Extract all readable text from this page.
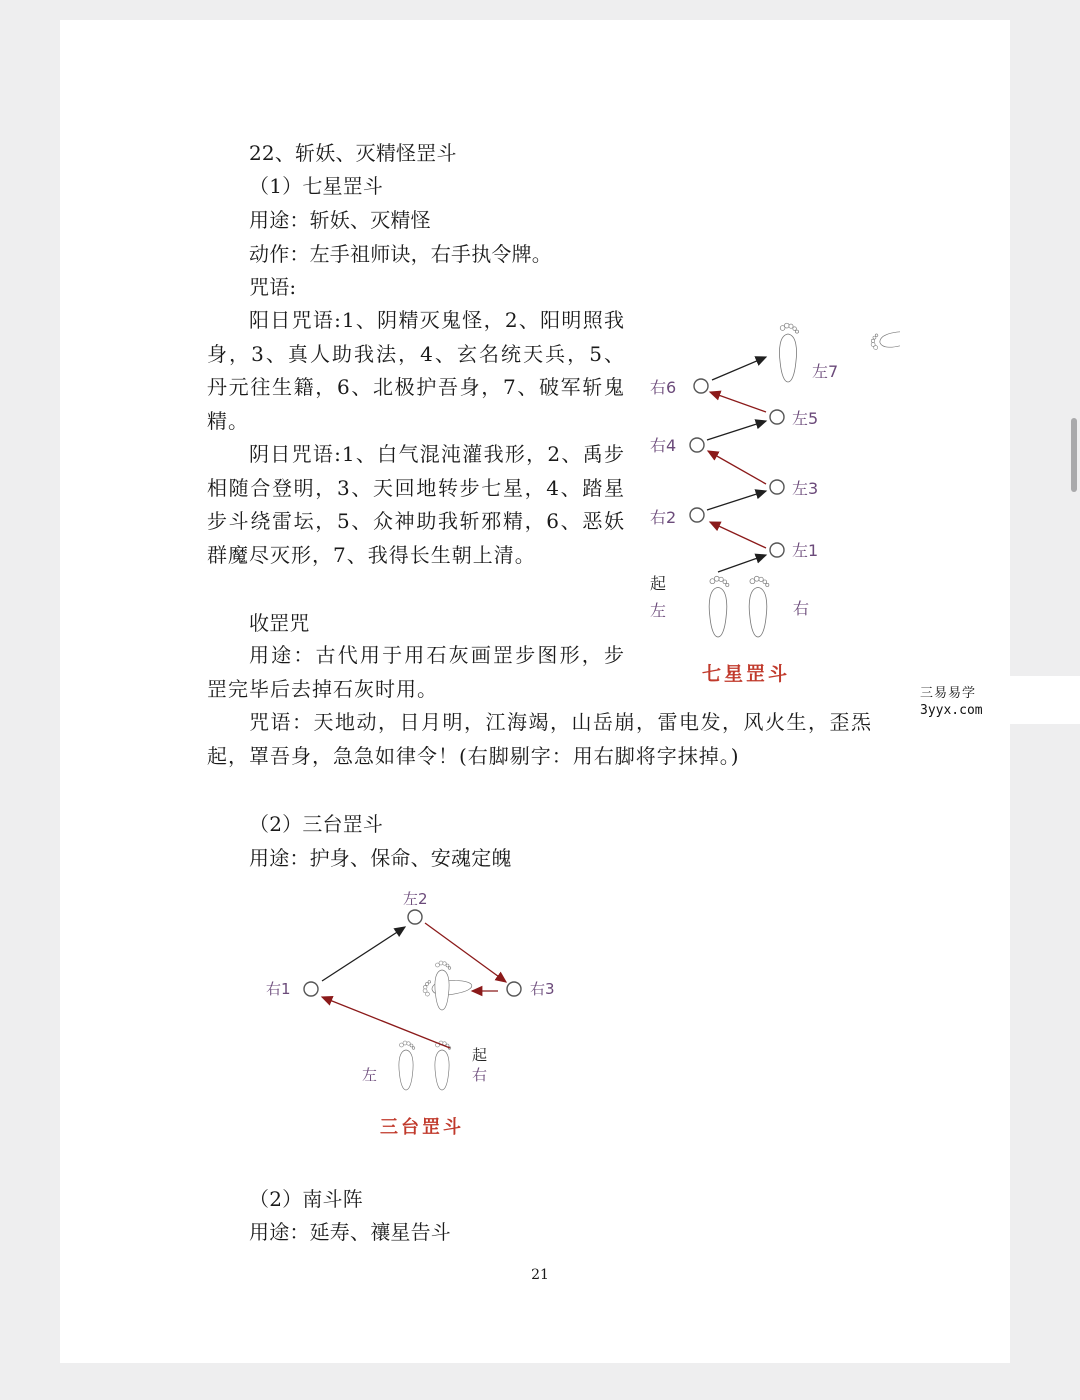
22、斩妖、灭精怪罡斗
（1）七星罡斗
用途：斩妖、灭精怪
动作：左手祖师诀，右手执令牌。
咒语:

阳日咒语:1、阴精灭鬼怪，2、阳明照我身，3、真人助我法，4、玄名统天兵，5、丹元往生籍，6、北极护吾身，7、破军斩鬼精。

阴日咒语:1、白气混沌灌我形，2、禹步相随合登明，3、天回地转步七星，4、踏星步斗绕雷坛，5、众神助我斩邪精，6、恶妖群魔尽灭形，7、我得长生朝上清。

收罡咒

用途：古代用于用石灰画罡步图形，步罡完毕后去掉石灰时用。

咒语：天地动，日月明，江海竭，山岳崩，雷电发，风火生，歪炁起，罩吾身，急急如律令！(右脚剔字：用右脚将字抹掉。)

（2）三台罡斗
用途：护身、保命、安魂定魄
（2）南斗阵
用途：延寿、禳星告斗
21
左1
右2
左3
右4
左5
右6
左7
起
左	右
七星罡斗
右1
左2
右3
左
起
右
三台罡斗
三易易学
3yyx.com
